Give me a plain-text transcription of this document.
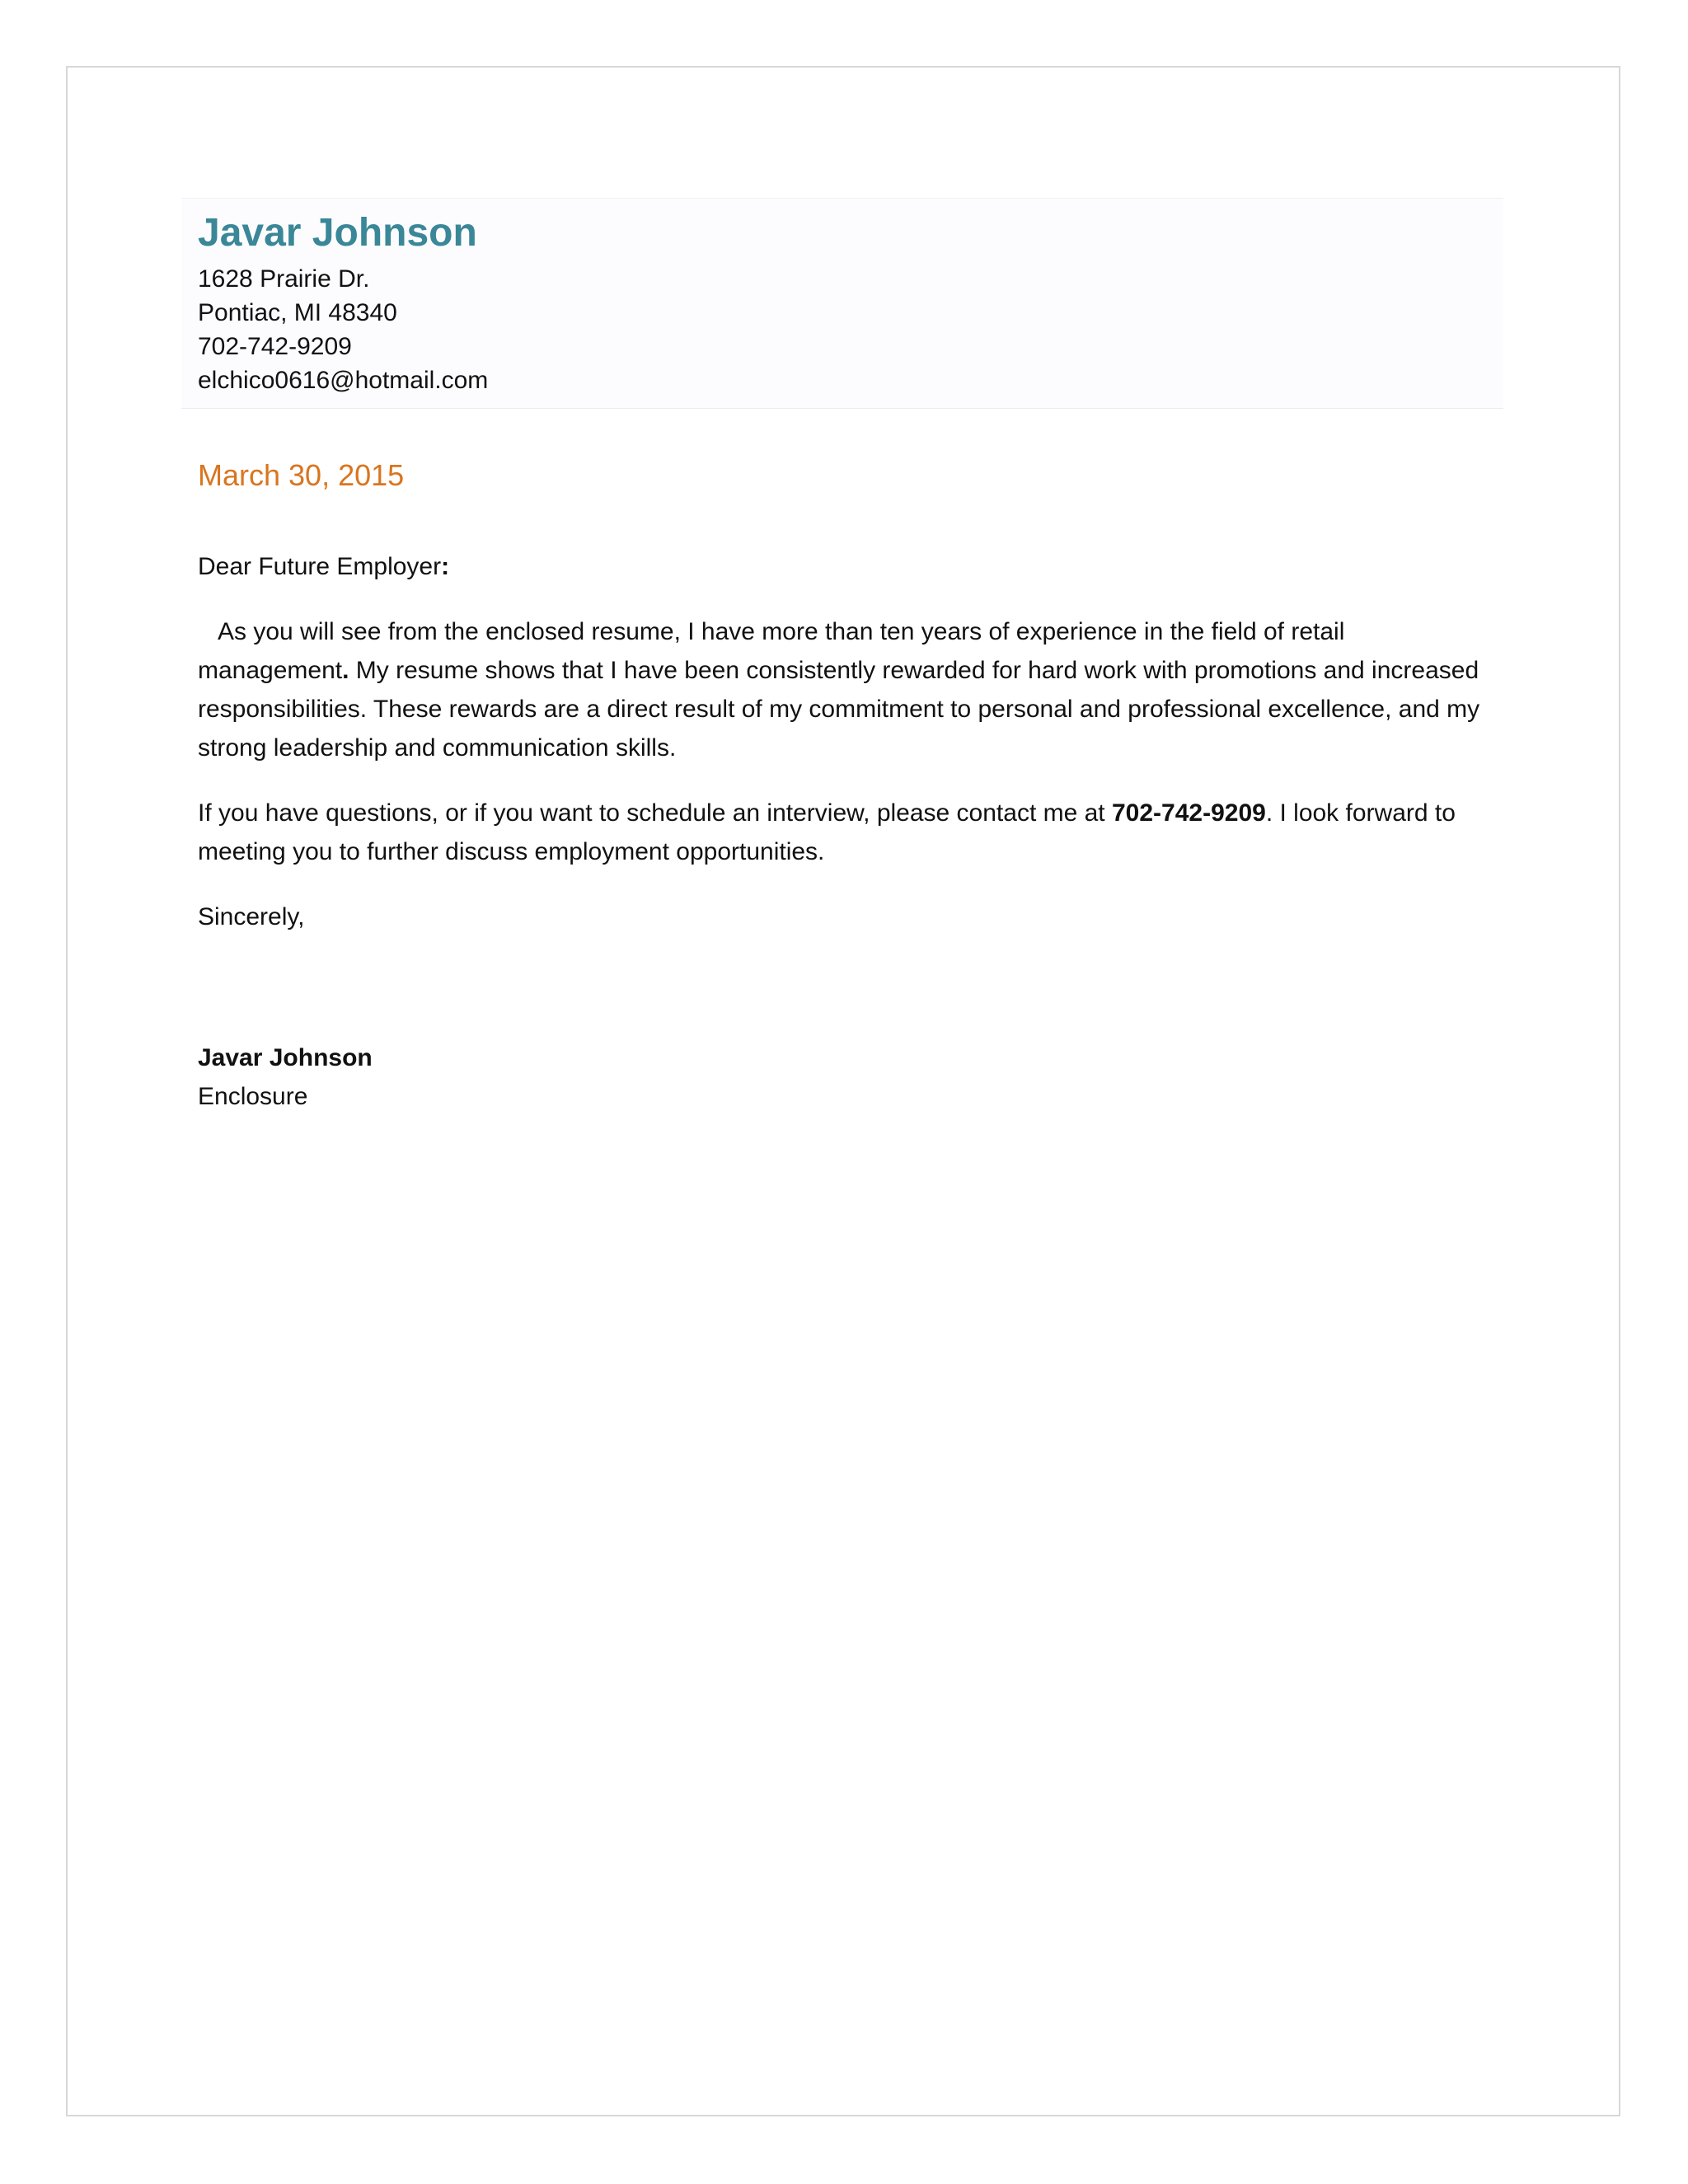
Javar Johnson
1628 Prairie Dr.
Pontiac, MI 48340
702-742-9209
elchico0616@hotmail.com
March 30, 2015

Dear Future Employer:

As you will see from the enclosed resume, I have more than ten years of experience in the field of retail management. My resume shows that I have been consistently rewarded for hard work with promotions and increased responsibilities. These rewards are a direct result of my commitment to personal and professional excellence, and my strong leadership and communication skills.

If you have questions, or if you want to schedule an interview, please contact me at 702-742-9209. I look forward to meeting you to further discuss employment opportunities.

Sincerely,

Javar Johnson
Enclosure
